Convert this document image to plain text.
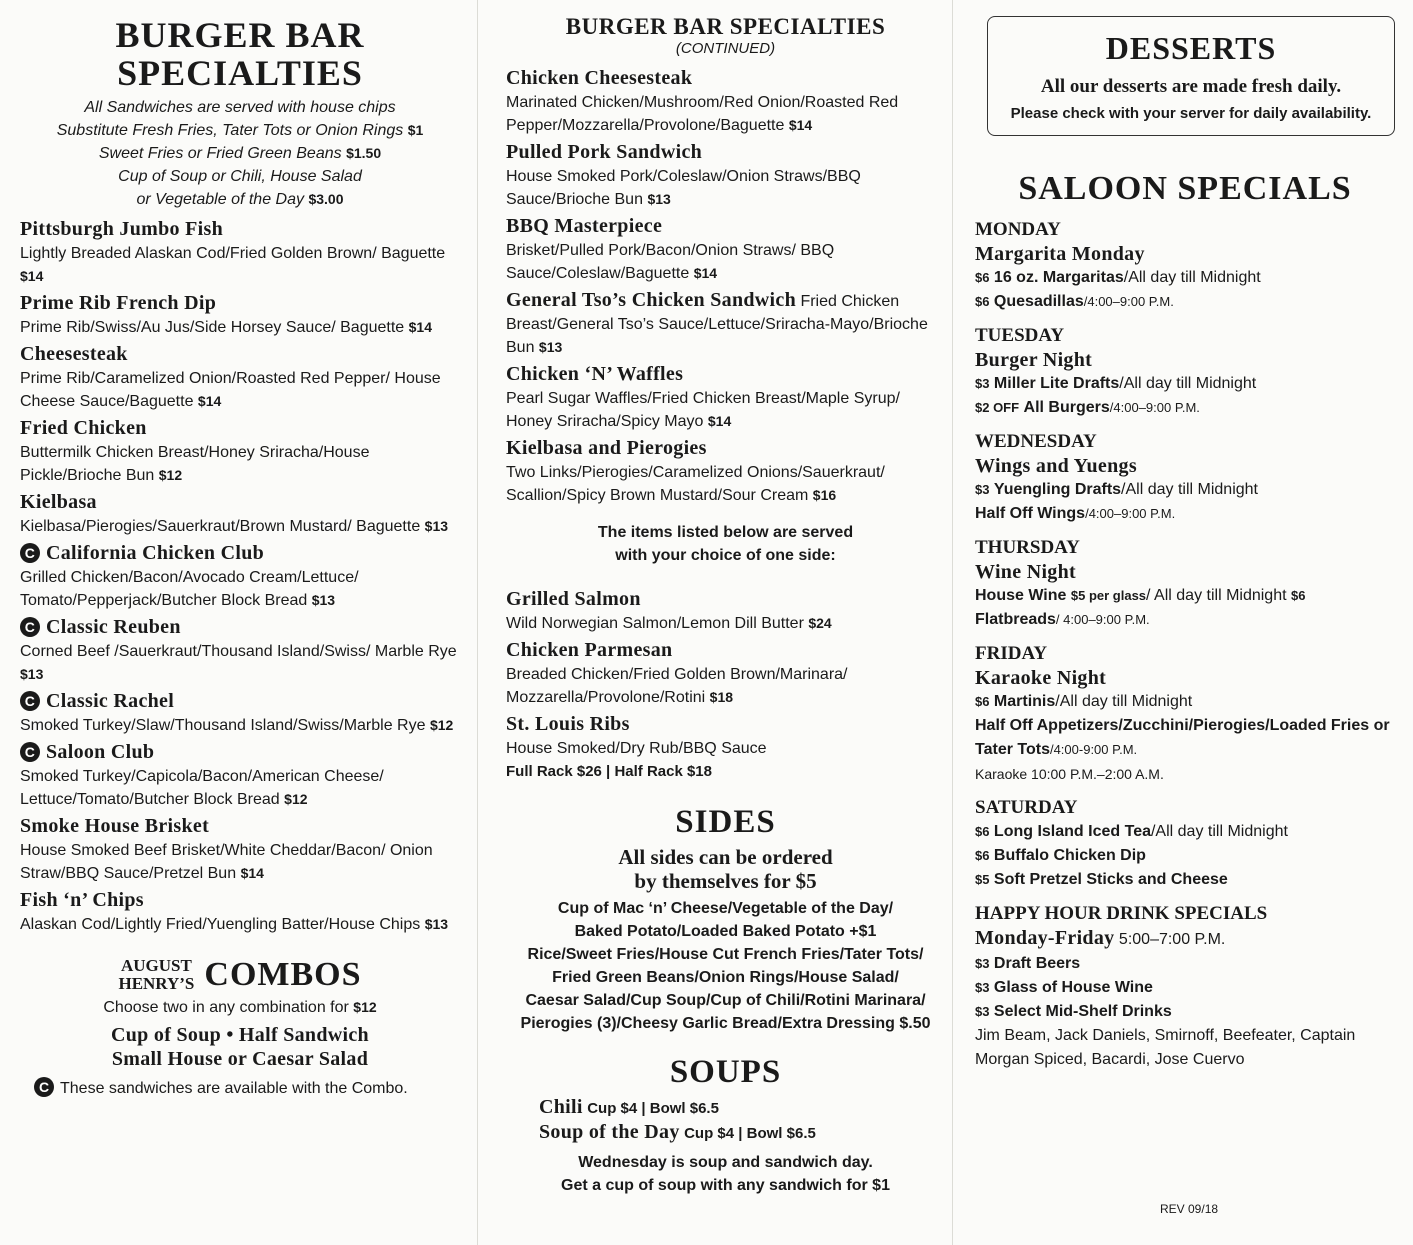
BURGER BAR
SPECIALTIES
All Sandwiches are served with house chips
Substitute Fresh Fries, Tater Tots or Onion Rings $1
Sweet Fries or Fried Green Beans $1.50
Cup of Soup or Chili, House Salad
or Vegetable of the Day $3.00
Pittsburgh Jumbo Fish
Lightly Breaded Alaskan Cod/Fried Golden Brown/ Baguette $14
Prime Rib French Dip
Prime Rib/Swiss/Au Jus/Side Horsey Sauce/ Baguette $14
Cheesesteak
Prime Rib/Caramelized Onion/Roasted Red Pepper/ House Cheese Sauce/Baguette $14
Fried Chicken
Buttermilk Chicken Breast/Honey Sriracha/House Pickle/Brioche Bun $12
Kielbasa
Kielbasa/Pierogies/Sauerkraut/Brown Mustard/ Baguette $13
C California Chicken Club
Grilled Chicken/Bacon/Avocado Cream/Lettuce/ Tomato/Pepperjack/Butcher Block Bread $13
C Classic Reuben
Corned Beef /Sauerkraut/Thousand Island/Swiss/ Marble Rye $13
C Classic Rachel
Smoked Turkey/Slaw/Thousand Island/Swiss/Marble Rye $12
C Saloon Club
Smoked Turkey/Capicola/Bacon/American Cheese/ Lettuce/Tomato/Butcher Block Bread $12
Smoke House Brisket
House Smoked Beef Brisket/White Cheddar/Bacon/ Onion Straw/BBQ Sauce/Pretzel Bun $14
Fish ‘n’ Chips
Alaskan Cod/Lightly Fried/Yuengling Batter/House Chips $13
AUGUST
HENRY’S COMBOS
Choose two in any combination for $12
Cup of Soup • Half Sandwich
Small House or Caesar Salad
C These sandwiches are available with the Combo.
BURGER BAR SPECIALTIES
(CONTINUED)
Chicken Cheesesteak
Marinated Chicken/Mushroom/Red Onion/Roasted Red Pepper/Mozzarella/Provolone/Baguette $14
Pulled Pork Sandwich
House Smoked Pork/Coleslaw/Onion Straws/BBQ Sauce/Brioche Bun $13
BBQ Masterpiece
Brisket/Pulled Pork/Bacon/Onion Straws/ BBQ Sauce/Coleslaw/Baguette $14
General Tso’s Chicken Sandwich Fried Chicken Breast/General Tso’s Sauce/Lettuce/Sriracha-Mayo/Brioche Bun $13
Chicken ‘N’ Waffles
Pearl Sugar Waffles/Fried Chicken Breast/Maple Syrup/ Honey Sriracha/Spicy Mayo $14
Kielbasa and Pierogies
Two Links/Pierogies/Caramelized Onions/Sauerkraut/ Scallion/Spicy Brown Mustard/Sour Cream $16
The items listed below are served
with your choice of one side:
Grilled Salmon
Wild Norwegian Salmon/Lemon Dill Butter $24
Chicken Parmesan
Breaded Chicken/Fried Golden Brown/Marinara/ Mozzarella/Provolone/Rotini $18
St. Louis Ribs
House Smoked/Dry Rub/BBQ Sauce
Full Rack $26 | Half Rack $18
SIDES
All sides can be ordered
by themselves for $5
Cup of Mac ‘n’ Cheese/Vegetable of the Day/
Baked Potato/Loaded Baked Potato +$1
Rice/Sweet Fries/House Cut French Fries/Tater Tots/
Fried Green Beans/Onion Rings/House Salad/
Caesar Salad/Cup Soup/Cup of Chili/Rotini Marinara/
Pierogies (3)/Cheesy Garlic Bread/Extra Dressing $.50
SOUPS
Chili Cup $4 | Bowl $6.5
Soup of the Day Cup $4 | Bowl $6.5
Wednesday is soup and sandwich day.
Get a cup of soup with any sandwich for $1
DESSERTS
All our desserts are made fresh daily.
Please check with your server for daily availability.
SALOON SPECIALS
MONDAY
Margarita Monday
$6 16 oz. Margaritas/All day till Midnight
$6 Quesadillas/4:00–9:00 P.M.
TUESDAY
Burger Night
$3 Miller Lite Drafts/All day till Midnight
$2 OFF All Burgers/4:00–9:00 P.M.
WEDNESDAY
Wings and Yuengs
$3 Yuengling Drafts/All day till Midnight
Half Off Wings/4:00–9:00 P.M.
THURSDAY
Wine Night
House Wine $5 per glass/ All day till Midnight $6
Flatbreads/ 4:00–9:00 P.M.
FRIDAY
Karaoke Night
$6 Martinis/All day till Midnight
Half Off Appetizers/Zucchini/Pierogies/Loaded Fries or Tater Tots/4:00-9:00 P.M.
Karaoke 10:00 P.M.–2:00 A.M.
SATURDAY
$6 Long Island Iced Tea/All day till Midnight
$6 Buffalo Chicken Dip
$5 Soft Pretzel Sticks and Cheese
HAPPY HOUR DRINK SPECIALS
Monday-Friday 5:00–7:00 P.M.
$3 Draft Beers
$3 Glass of House Wine
$3 Select Mid-Shelf Drinks
Jim Beam, Jack Daniels, Smirnoff, Beefeater, Captain Morgan Spiced, Bacardi, Jose Cuervo
REV 09/18
